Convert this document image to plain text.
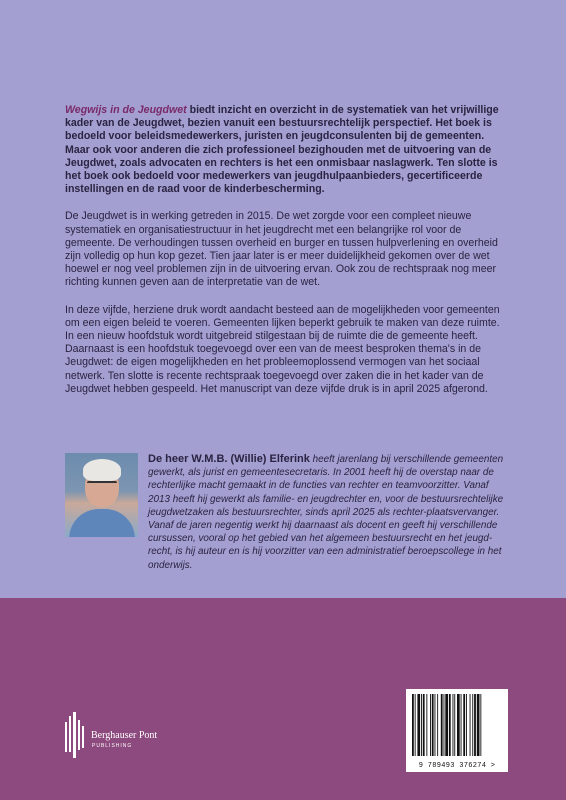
Wegwijs in de Jeugdwet biedt inzicht en overzicht in de systematiek van het vrijwillige kader van de Jeugdwet, bezien vanuit een bestuursrechtelijk perspectief. Het boek is bedoeld voor beleidsmedewerkers, juristen en jeugdconsulenten bij de gemeenten. Maar ook voor anderen die zich professioneel bezighouden met de uitvoering van de Jeugdwet, zoals advocaten en rechters is het een onmisbaar naslagwerk. Ten slotte is het boek ook bedoeld voor medewerkers van jeugdhulpaanbieders, gecertificeerde instellingen en de raad voor de kinderbescherming.

De Jeugdwet is in werking getreden in 2015. De wet zorgde voor een compleet nieuwe systematiek en organisatiestructuur in het jeugdrecht met een belangrijke rol voor de gemeente. De verhoudingen tussen overheid en burger en tussen hulpverlening en overheid zijn volledig op hun kop gezet. Tien jaar later is er meer duidelijkheid gekomen over de wet hoewel er nog veel problemen zijn in de uitvoering ervan. Ook zou de rechtspraak nog meer richting kunnen geven aan de interpretatie van de wet.

In deze vijfde, herziene druk wordt aandacht besteed aan de mogelijkheden voor gemeenten om een eigen beleid te voeren. Gemeenten lijken beperkt gebruik te maken van deze ruimte. In een nieuw hoofdstuk wordt uitgebreid stilgestaan bij de ruimte die de gemeente heeft. Daarnaast is een hoofdstuk toegevoegd over een van de meest besproken thema's in de Jeugdwet: de eigen mogelijkheden en het probleemoplossend vermogen van het sociaal netwerk. Ten slotte is recente rechtspraak toegevoegd over zaken die in het kader van de Jeugdwet hebben gespeeld. Het manuscript van deze vijfde druk is in april 2025 afgerond.

De heer W.M.B. (Willie) Elferink heeft jarenlang bij verschillende gemeenten gewerkt, als jurist en gemeentesecretaris. In 2001 heeft hij de overstap naar de rechterlijke macht gemaakt in de functies van rechter en teamvoorzitter. Vanaf 2013 heeft hij gewerkt als familie- en jeugdrechter en, voor de bestuursrechtelijke jeugdwetzaken als bestuursrechter, sinds april 2025 als rechter-plaatsvervanger. Vanaf de jaren negentig werkt hij daarnaast als docent en geeft hij verschillende cursussen, vooral op het gebied van het algemeen bestuursrecht en het jeugdrecht, is hij auteur en is hij voorzitter van een administratief beroepscollege in het onderwijs.
Berghauser Pont
PUBLISHING
9 789493 376274 >
